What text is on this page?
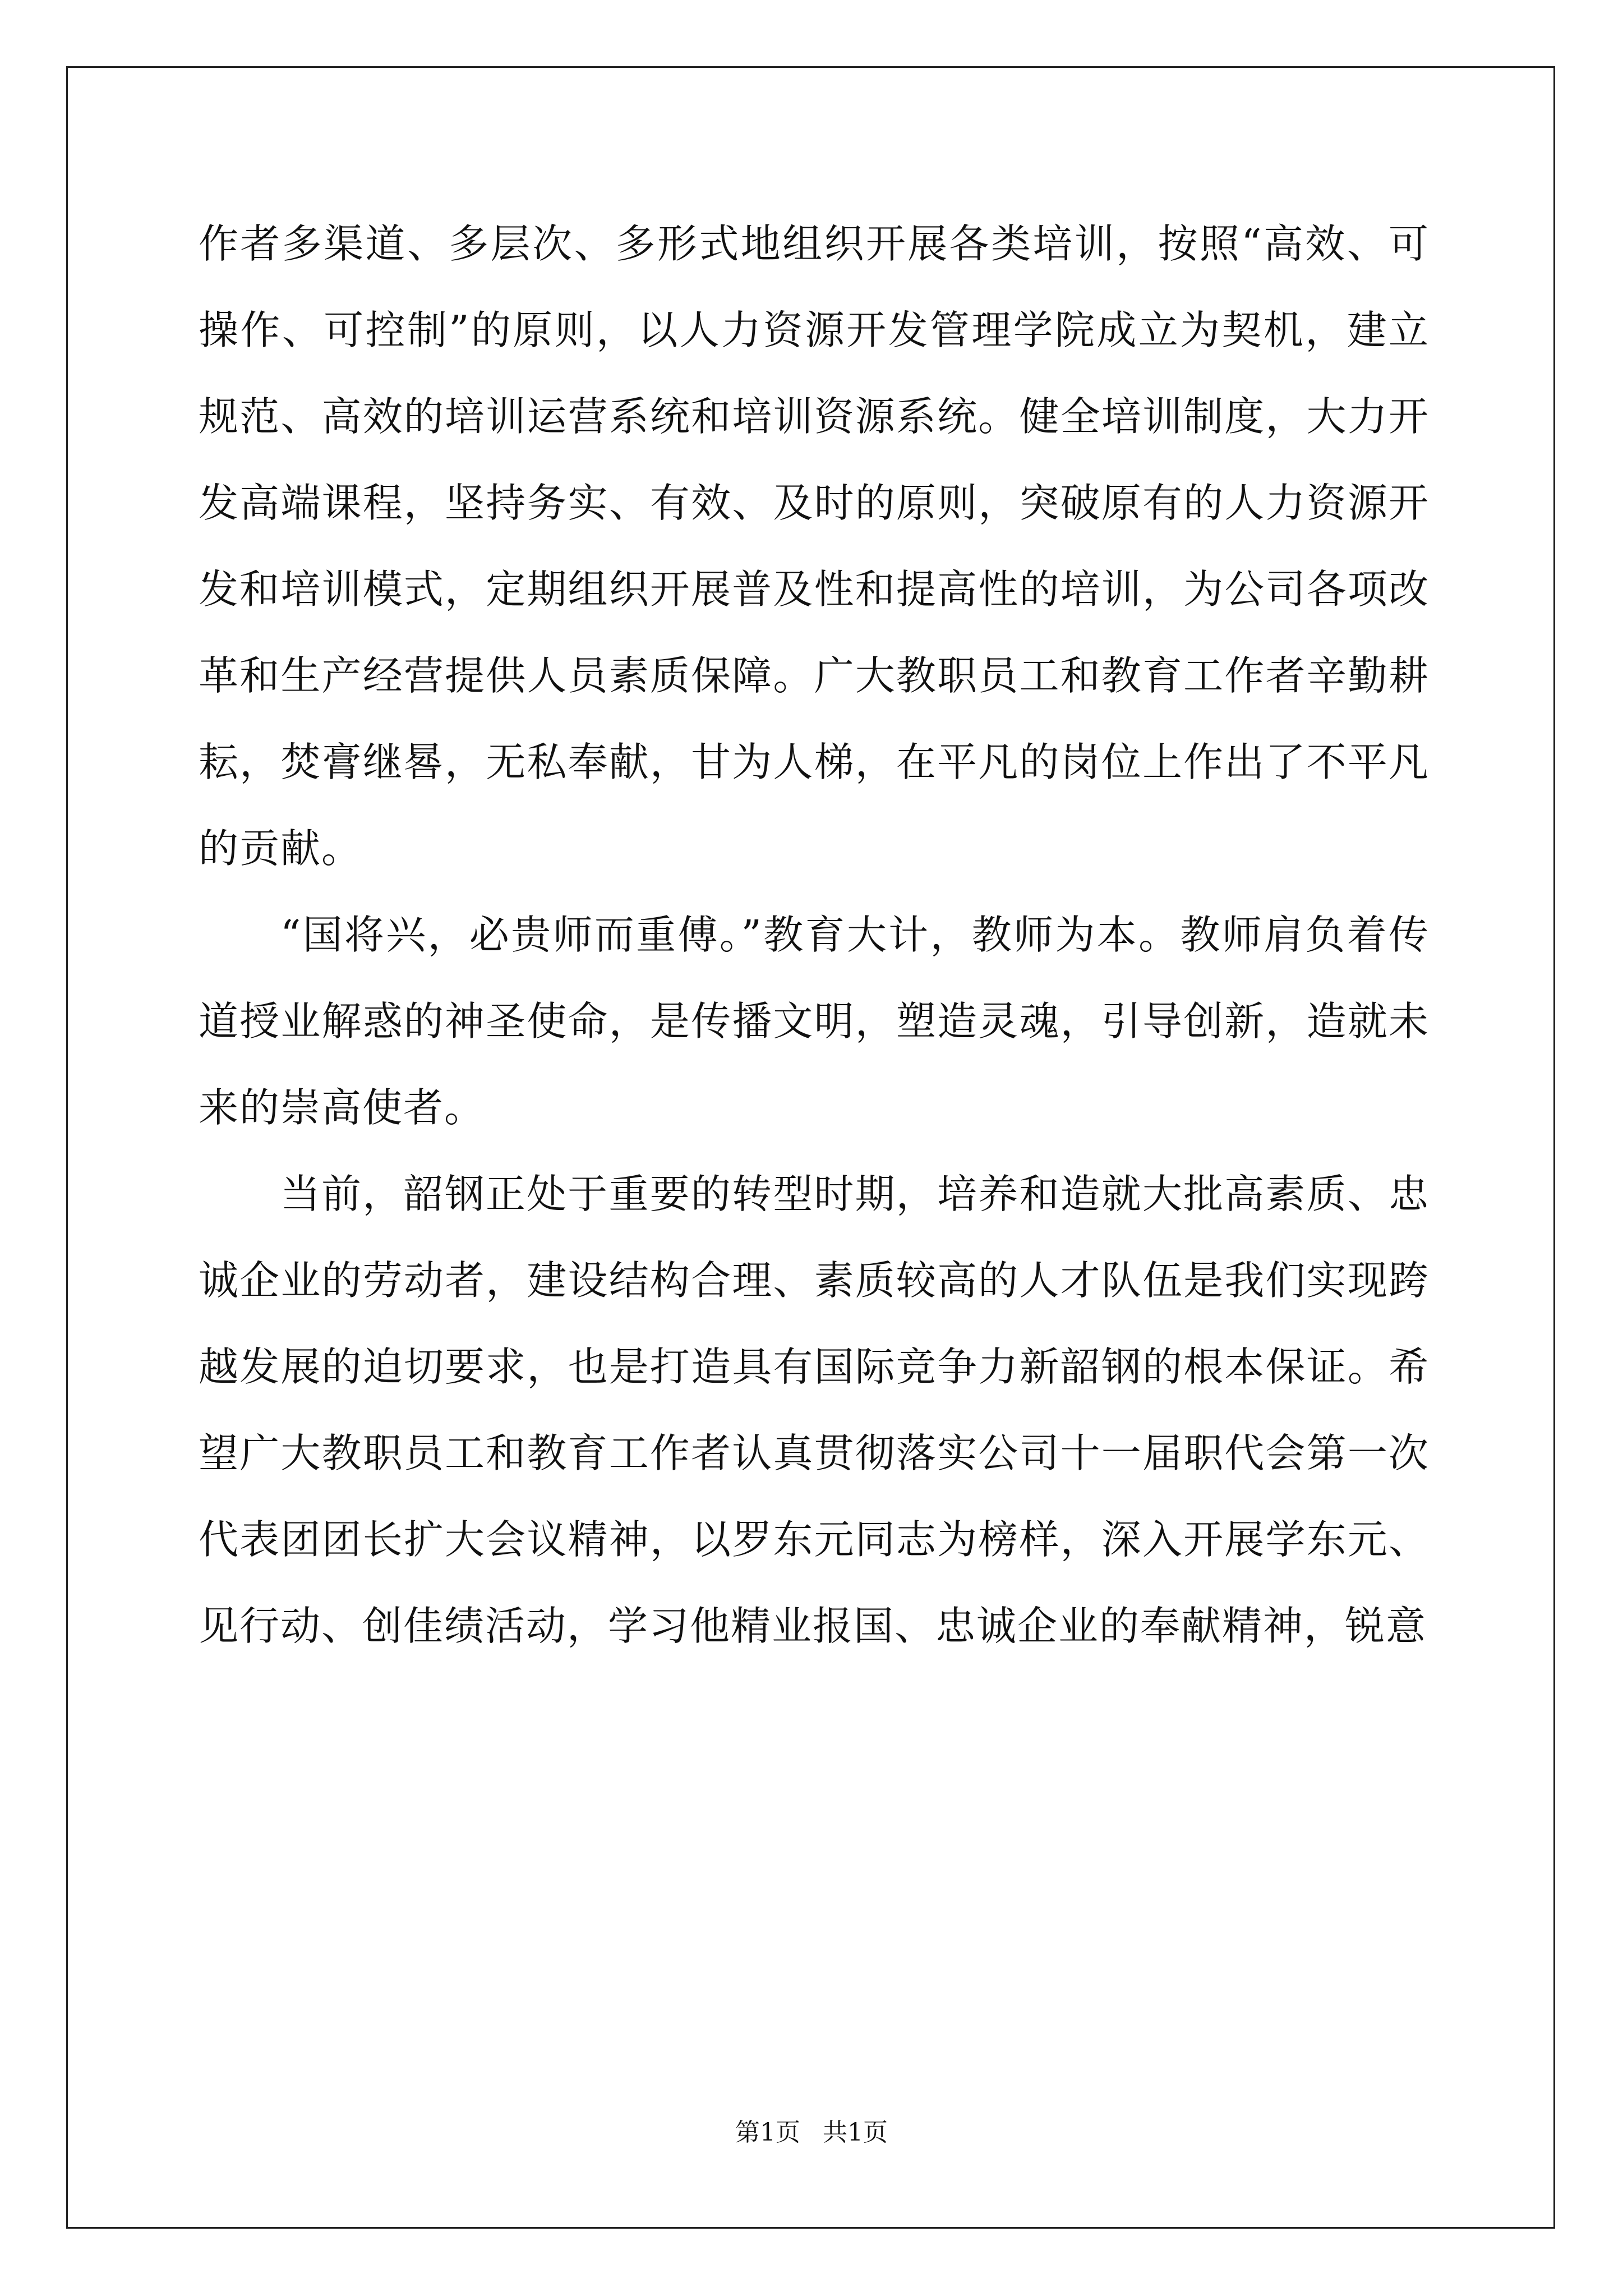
作者多渠道、多层次、多形式地组织开展各类培训，按照“高效、可操作、可控制”的原则，以人力资源开发管理学院成立为契机，建立规范、高效的培训运营系统和培训资源系统。健全培训制度，大力开发高端课程，坚持务实、有效、及时的原则，突破原有的人力资源开发和培训模式，定期组织开展普及性和提高性的培训，为公司各项改革和生产经营提供人员素质保障。广大教职员工和教育工作者辛勤耕耘，焚膏继晷，无私奉献，甘为人梯，在平凡的岗位上作出了不平凡的贡献。

“国将兴，必贵师而重傅。”教育大计，教师为本。教师肩负着传道授业解惑的神圣使命，是传播文明，塑造灵魂，引导创新，造就未来的崇高使者。

当前，韶钢正处于重要的转型时期，培养和造就大批高素质、忠诚企业的劳动者，建设结构合理、素质较高的人才队伍是我们实现跨越发展的迫切要求，也是打造具有国际竞争力新韶钢的根本保证。希望广大教职员工和教育工作者认真贯彻落实公司十一届职代会第一次代表团团长扩大会议精神，以罗东元同志为榜样，深入开展学东元、见行动、创佳绩活动，学习他精业报国、忠诚企业的奉献精神，锐意

第1页 共1页
